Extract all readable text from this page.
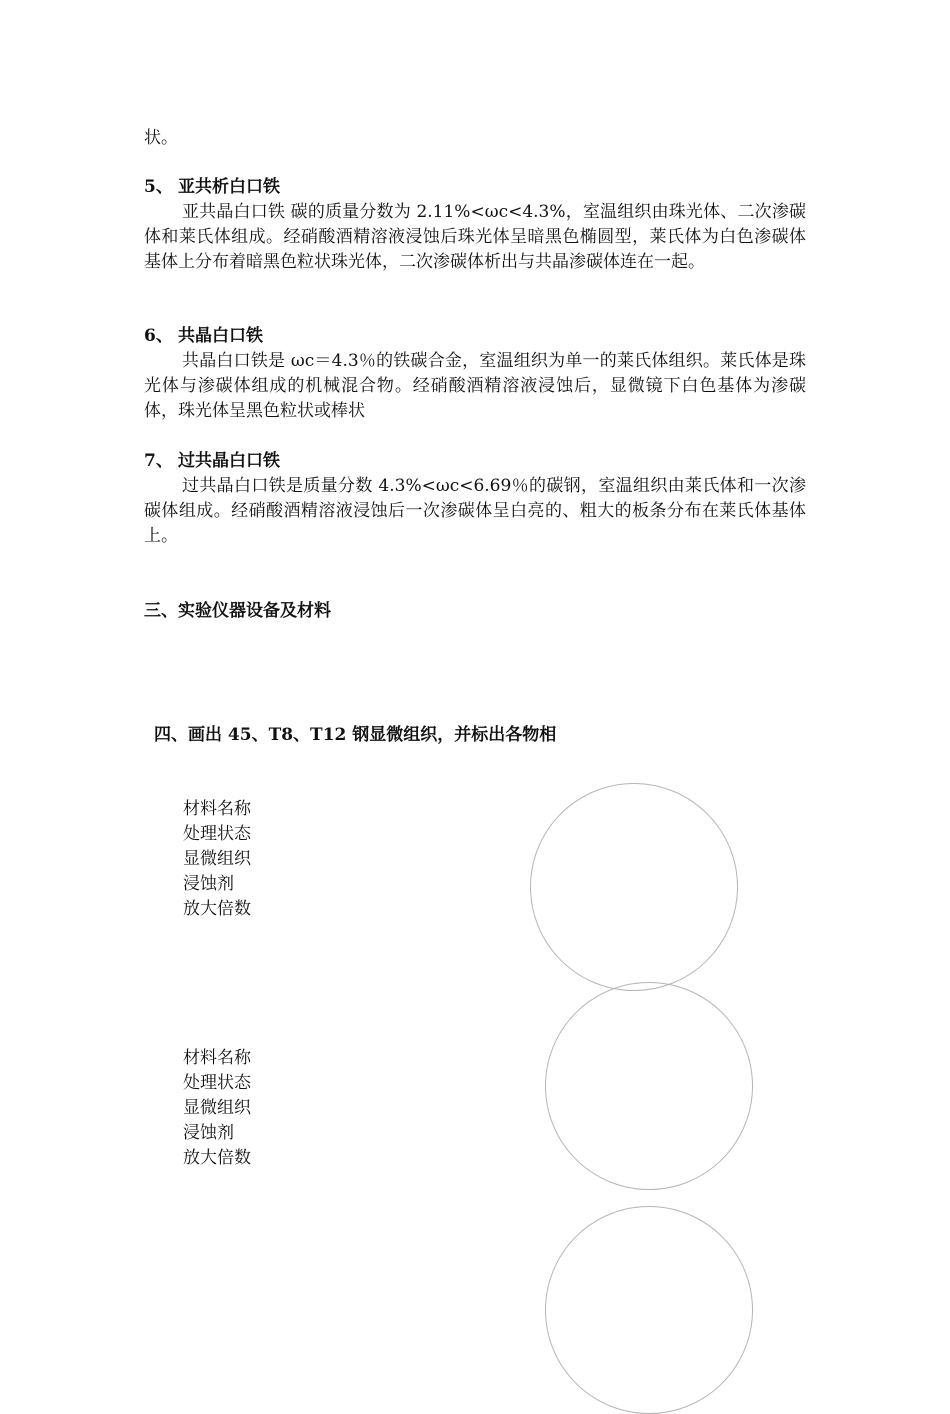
状。
5、 亚共析白口铁
亚共晶白口铁 碳的质量分数为 2.11%<ωc<4.3%，室温组织由珠光体、二次渗碳体和莱氏体组成。经硝酸酒精溶液浸蚀后珠光体呈暗黑色椭圆型，莱氏体为白色渗碳体基体上分布着暗黑色粒状珠光体，二次渗碳体析出与共晶渗碳体连在一起。
6、 共晶白口铁
共晶白口铁是 ωc＝4.3％的铁碳合金，室温组织为单一的莱氏体组织。莱氏体是珠光体与渗碳体组成的机械混合物。经硝酸酒精溶液浸蚀后，显微镜下白色基体为渗碳体，珠光体呈黑色粒状或棒状
7、 过共晶白口铁
过共晶白口铁是质量分数 4.3%<ωc<6.69％的碳钢，室温组织由莱氏体和一次渗碳体组成。经硝酸酒精溶液浸蚀后一次渗碳体呈白亮的、粗大的板条分布在莱氏体基体上。
三、实验仪器设备及材料
四、画出 45、T8、T12 钢显微组织，并标出各物相
材料名称
处理状态
显微组织
浸蚀剂
放大倍数
材料名称
处理状态
显微组织
浸蚀剂
放大倍数
